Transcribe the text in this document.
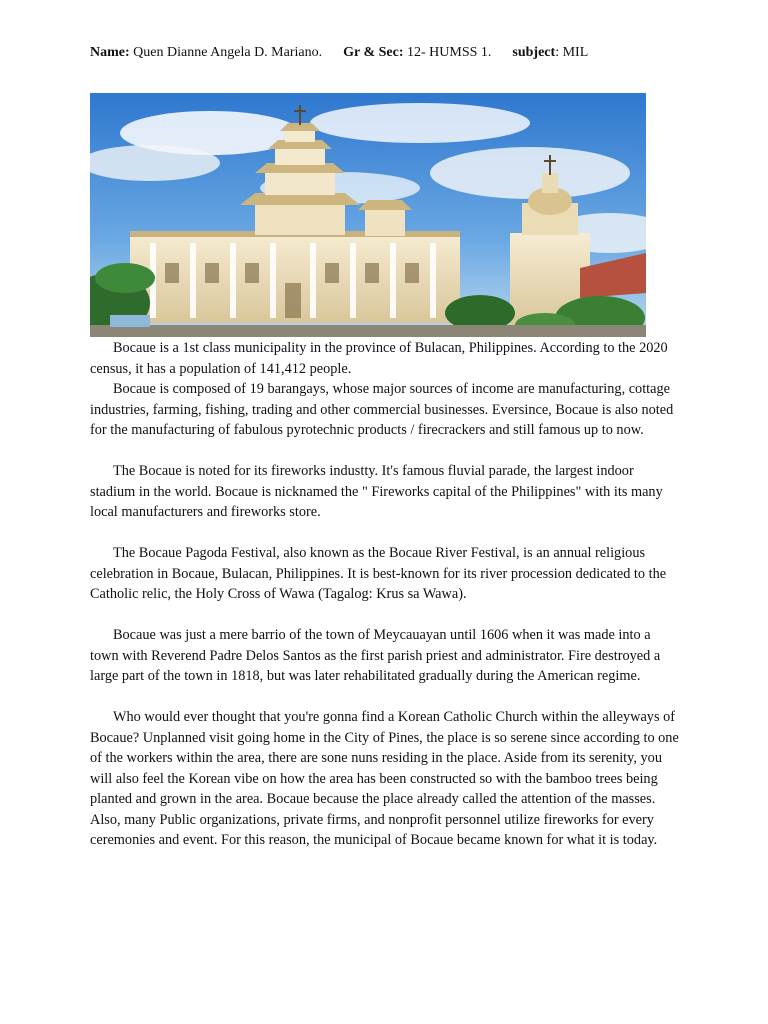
Name: Quen Dianne Angela D. Mariano. Gr & Sec: 12- HUMSS 1. subject: MIL

Bocaue is a 1st class municipality in the province of Bulacan, Philippines. According to the 2020 census, it has a population of 141,412 people.

Bocaue is composed of 19 barangays, whose major sources of income are manufacturing, cottage industries, farming, fishing, trading and other commercial businesses. Eversince, Bocaue is also noted for the manufacturing of fabulous pyrotechnic products / firecrackers and still famous up to now.

The Bocaue is noted for its fireworks industty. It's famous fluvial parade, the largest indoor stadium in the world. Bocaue is nicknamed the " Fireworks capital of the Philippines" with its many local manufacturers and fireworks store.

The Bocaue Pagoda Festival, also known as the Bocaue River Festival, is an annual religious celebration in Bocaue, Bulacan, Philippines. It is best-known for its river procession dedicated to the Catholic relic, the Holy Cross of Wawa (Tagalog: Krus sa Wawa).

Bocaue was just a mere barrio of the town of Meycauayan until 1606 when it was made into a town with Reverend Padre Delos Santos as the first parish priest and administrator. Fire destroyed a large part of the town in 1818, but was later rehabilitated gradually during the American regime.

Who would ever thought that you're gonna find a Korean Catholic Church within the alleyways of Bocaue? Unplanned visit going home in the City of Pines, the place is so serene since according to one of the workers within the area, there are sone nuns residing in the place. Aside from its serenity, you will also feel the Korean vibe on how the area has been constructed so with the bamboo trees being planted and grown in the area. Bocaue because the place already called the attention of the masses. Also, many Public organizations, private firms, and nonprofit personnel utilize fireworks for every ceremonies and event. For this reason, the municipal of Bocaue became known for what it is today.
